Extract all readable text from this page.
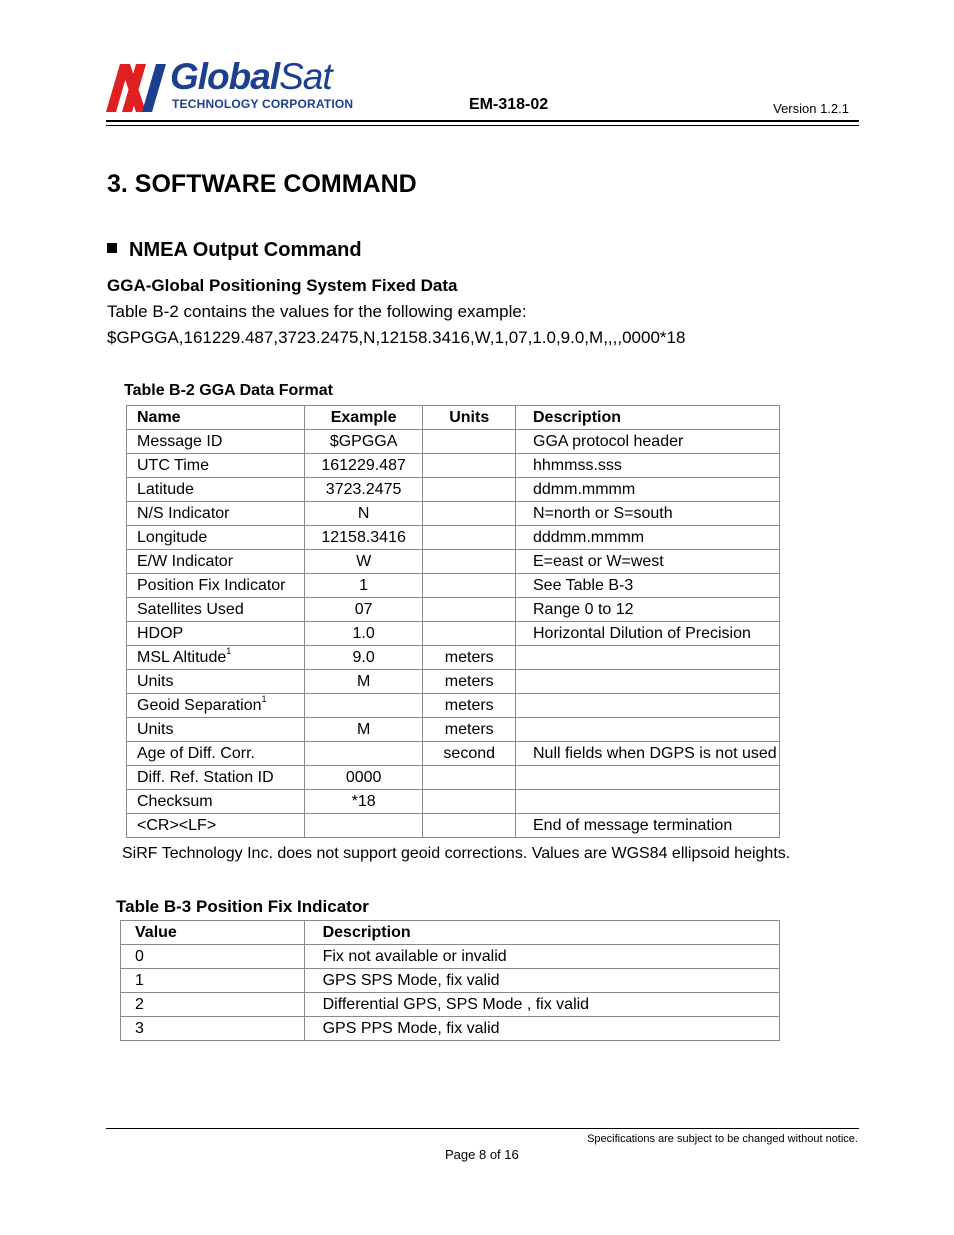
GlobalSat
TECHNOLOGY CORPORATION	EM-318-02	Version 1.2.1
3. SOFTWARE COMMAND
NMEA Output Command
GGA-Global Positioning System Fixed Data
Table B-2 contains the values for the following example:
$GPGGA,161229.487,3723.2475,N,12158.3416,W,1,07,1.0,9.0,M,,,,0000*18
Table B-2 GGA Data Format
Name	Example	Units	Description
Message ID	$GPGGA		GGA protocol header
UTC Time	161229.487		hhmmss.sss
Latitude	3723.2475		ddmm.mmmm
N/S Indicator	N		N=north or S=south
Longitude	12158.3416		dddmm.mmmm
E/W Indicator	W		E=east or W=west
Position Fix Indicator	1		See Table B-3
Satellites Used	07		Range 0 to 12
HDOP	1.0		Horizontal Dilution of Precision
MSL Altitude$^1$	9.0	meters	
Units	M	meters	
Geoid Separation$^1$		meters	
Units	M	meters	
Age of Diff. Corr.		second	Null fields when DGPS is not used
Diff. Ref. Station ID	0000		
Checksum	*18		
<CR><LF>			End of message termination
SiRF Technology Inc. does not support geoid corrections. Values are WGS84 ellipsoid heights.
Table B-3 Position Fix Indicator
Value	Description
0	Fix not available or invalid
1	GPS SPS Mode, fix valid
2	Differential GPS, SPS Mode , fix valid
3	GPS PPS Mode, fix valid
Specifications are subject to be changed without notice.
Page 8 of 16
